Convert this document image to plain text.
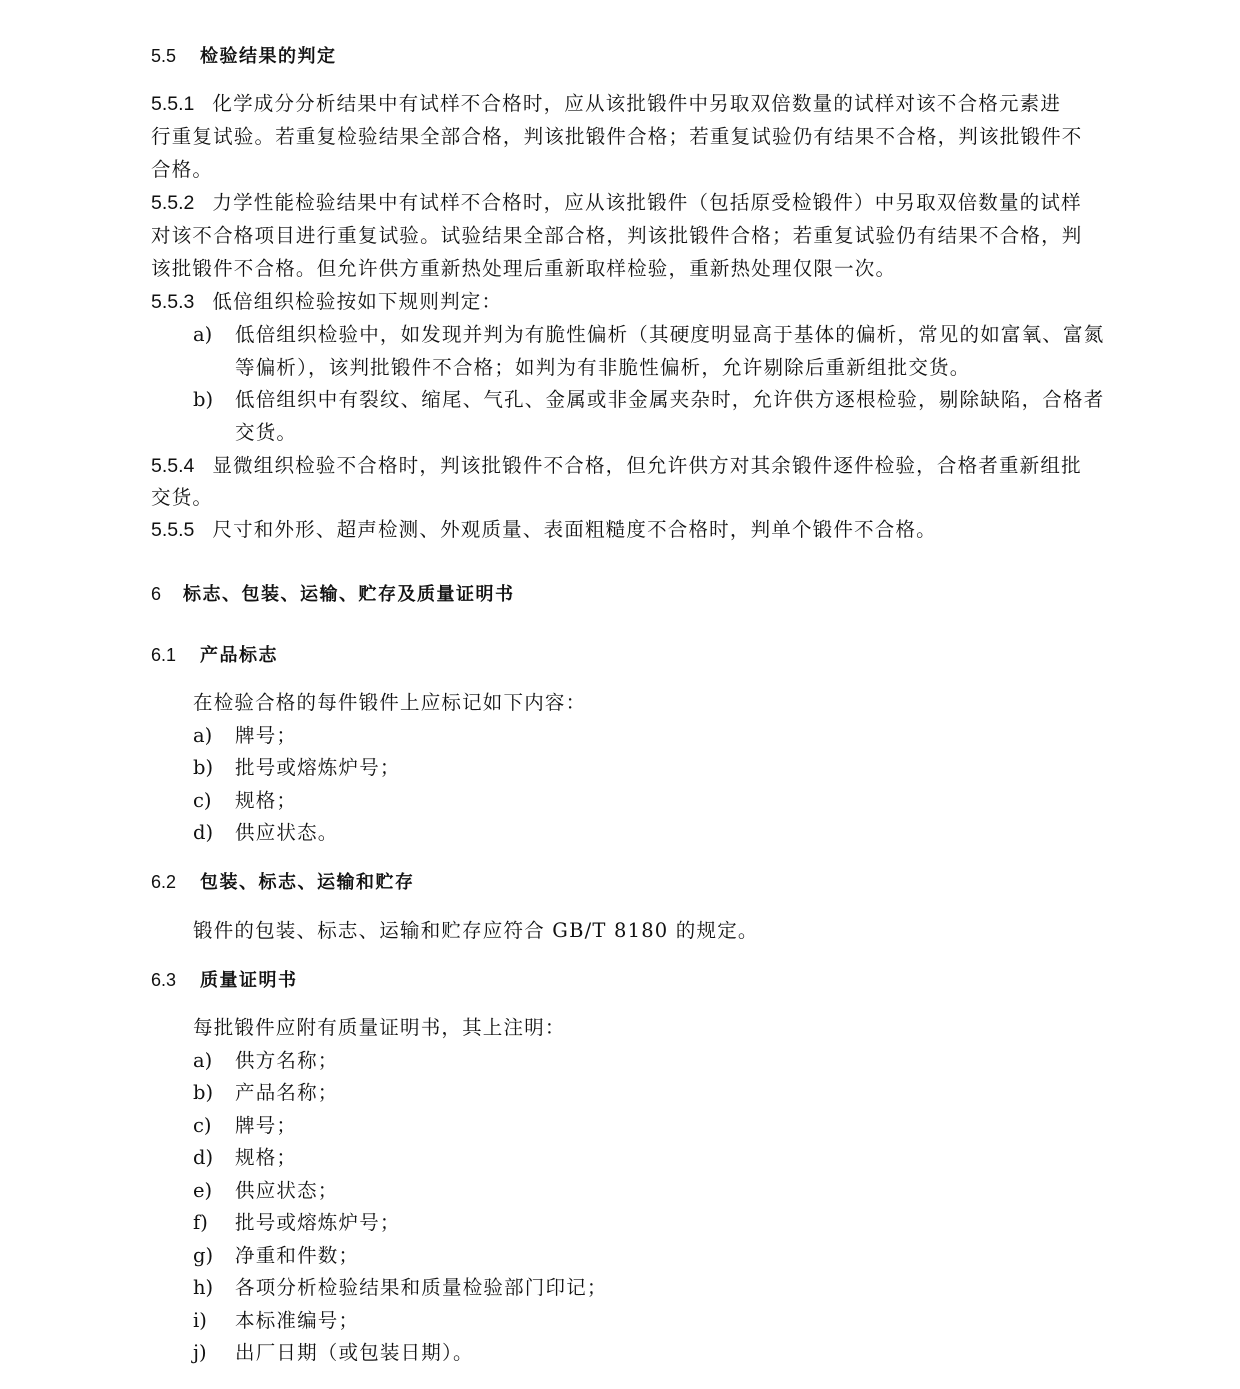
5.5 检验结果的判定
5.5.1 化学成分分析结果中有试样不合格时，应从该批锻件中另取双倍数量的试样对该不合格元素进
行重复试验。若重复检验结果全部合格，判该批锻件合格；若重复试验仍有结果不合格，判该批锻件不
合格。
5.5.2 力学性能检验结果中有试样不合格时，应从该批锻件（包括原受检锻件）中另取双倍数量的试样
对该不合格项目进行重复试验。试验结果全部合格，判该批锻件合格；若重复试验仍有结果不合格，判
该批锻件不合格。但允许供方重新热处理后重新取样检验，重新热处理仅限一次。
5.5.3 低倍组织检验按如下规则判定：
a) 低倍组织检验中，如发现并判为有脆性偏析（其硬度明显高于基体的偏析，常见的如富氧、富氮
等偏析），该判批锻件不合格；如判为有非脆性偏析，允许剔除后重新组批交货。
b) 低倍组织中有裂纹、缩尾、气孔、金属或非金属夹杂时，允许供方逐根检验，剔除缺陷，合格者
交货。
5.5.4 显微组织检验不合格时，判该批锻件不合格，但允许供方对其余锻件逐件检验，合格者重新组批
交货。
5.5.5 尺寸和外形、超声检测、外观质量、表面粗糙度不合格时，判单个锻件不合格。
6 标志、包装、运输、贮存及质量证明书
6.1 产品标志
在检验合格的每件锻件上应标记如下内容：
a) 牌号；
b) 批号或熔炼炉号；
c) 规格；
d) 供应状态。
6.2 包装、标志、运输和贮存
锻件的包装、标志、运输和贮存应符合 GB/T 8180 的规定。
6.3 质量证明书
每批锻件应附有质量证明书，其上注明：
a) 供方名称；
b) 产品名称；
c) 牌号；
d) 规格；
e) 供应状态；
f) 批号或熔炼炉号；
g) 净重和件数；
h) 各项分析检验结果和质量检验部门印记；
i) 本标准编号；
j) 出厂日期（或包装日期）。
